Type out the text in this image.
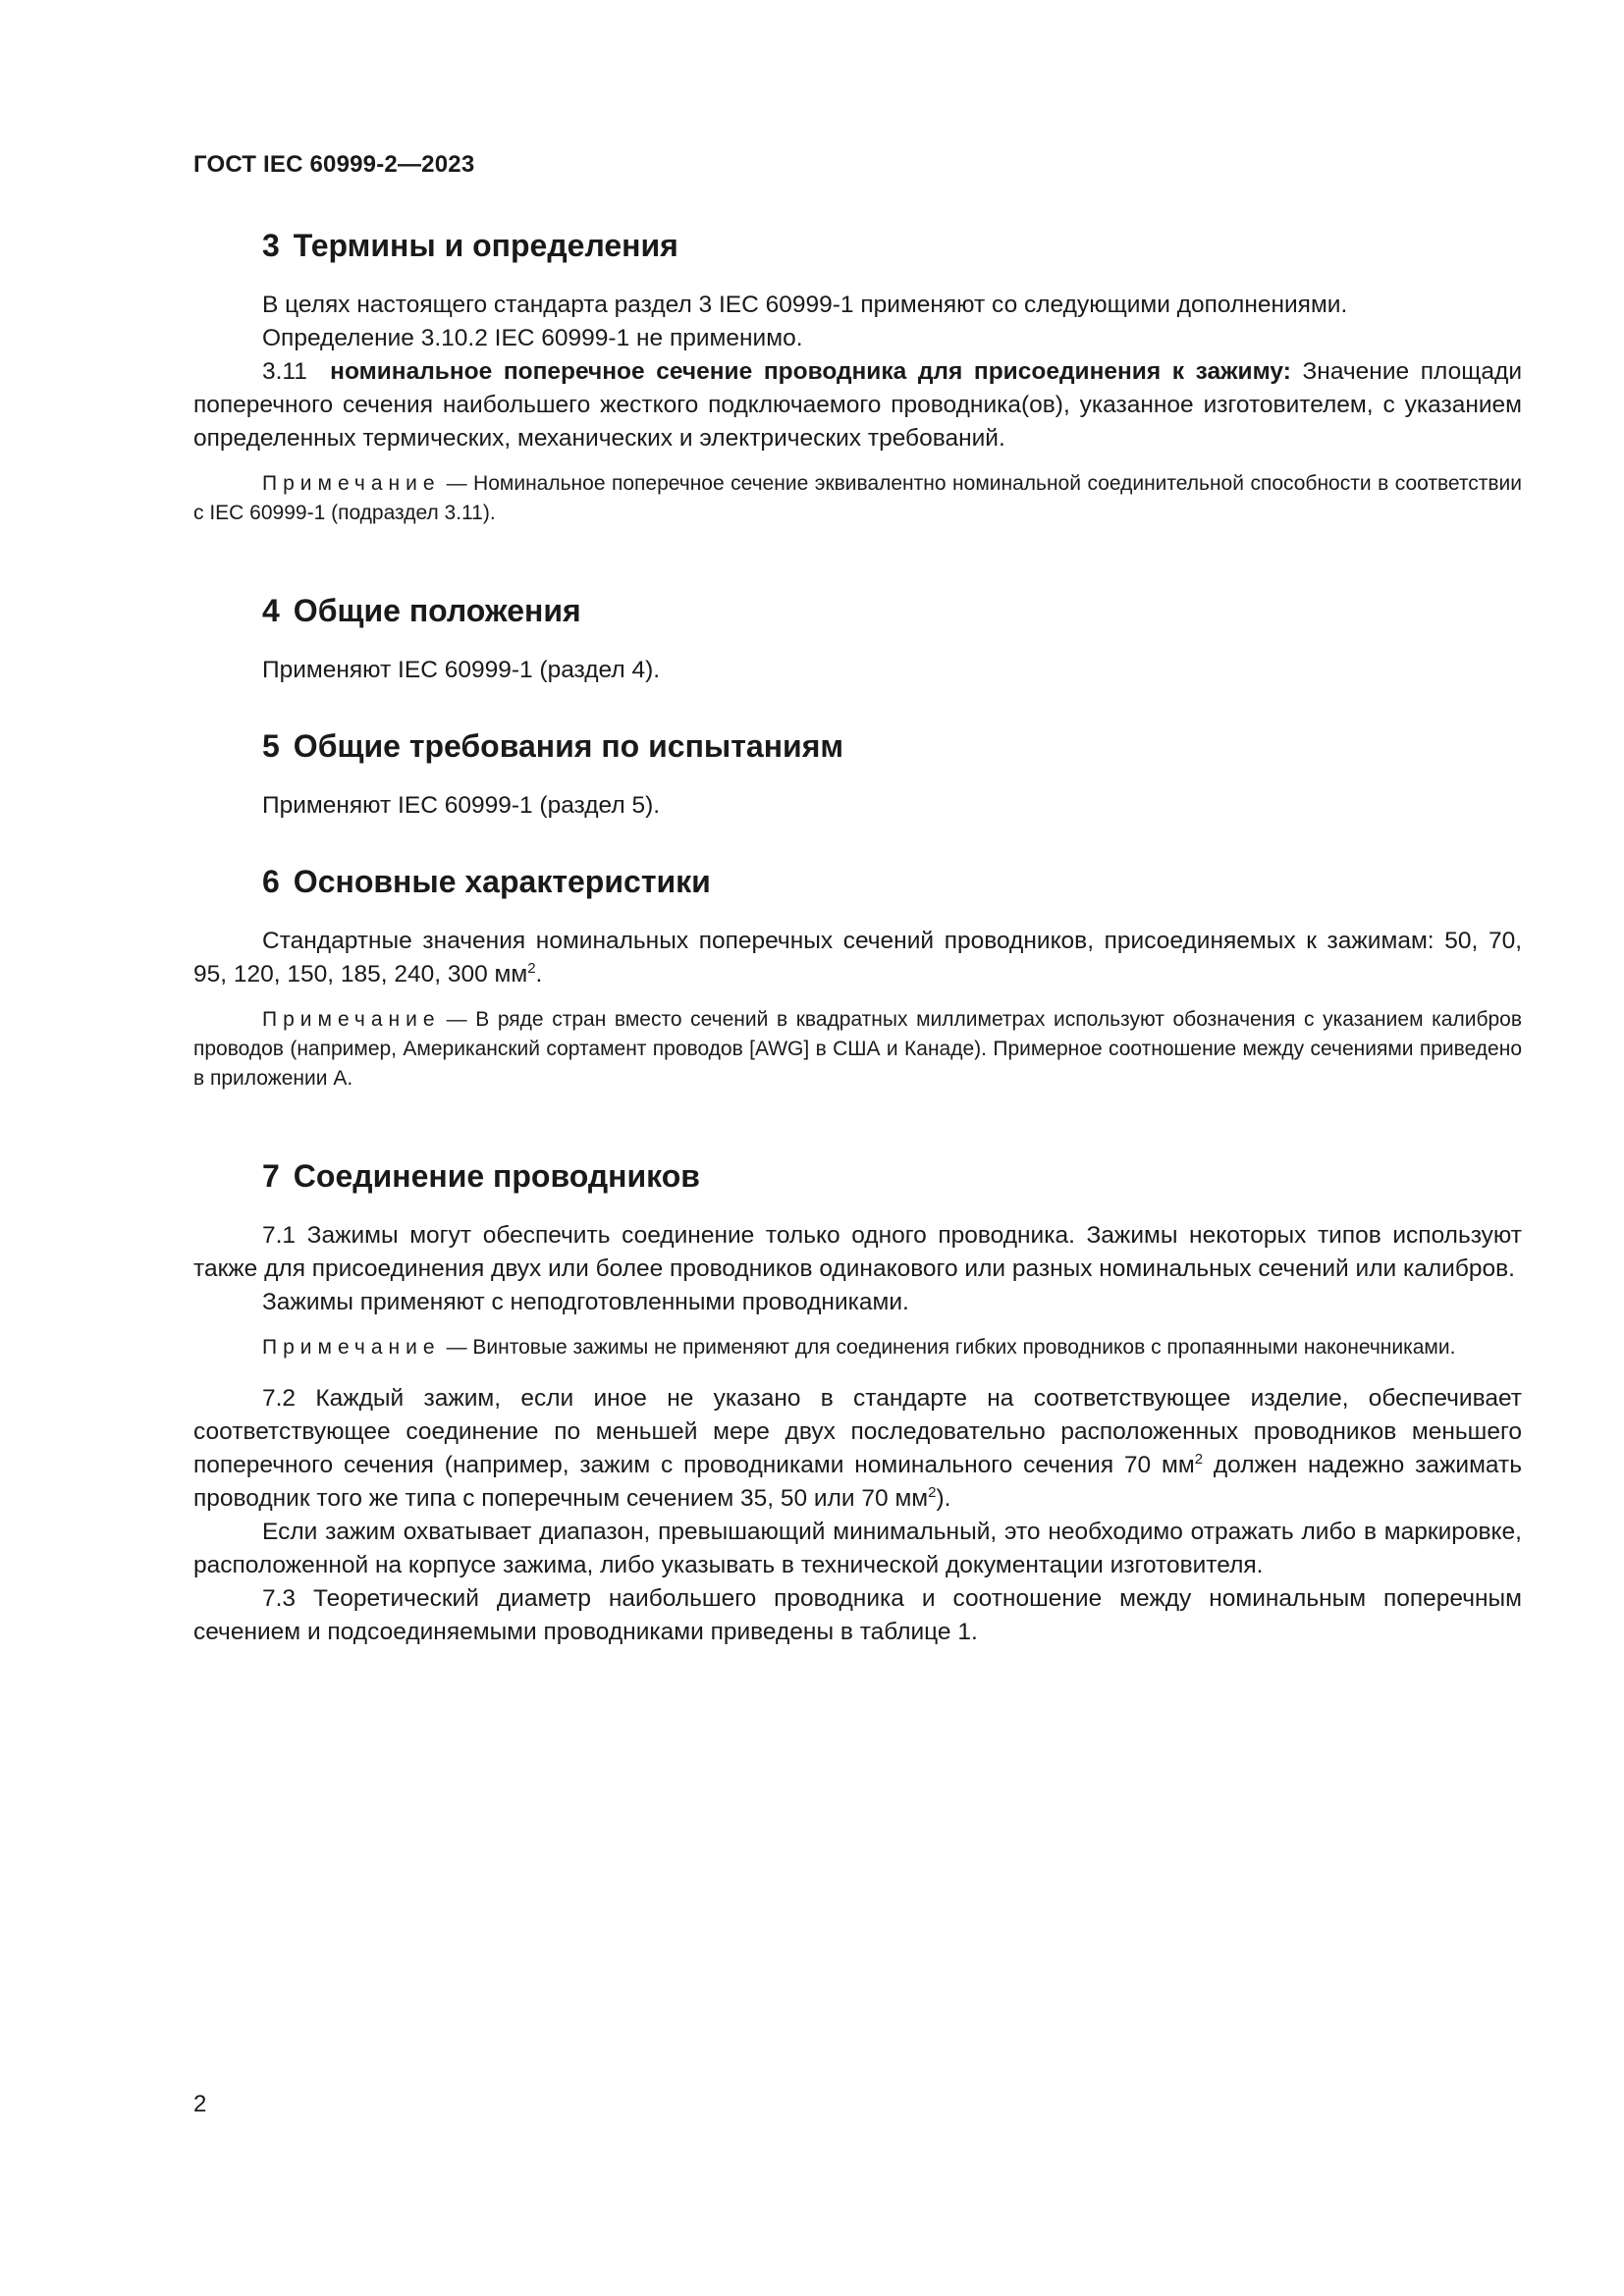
ГОСТ IEC 60999-2—2023
3 Термины и определения

В целях настоящего стандарта раздел 3 IEC 60999-1 применяют со следующими дополнениями.

Определение 3.10.2 IEC 60999-1 не применимо.

3.11 номинальное поперечное сечение проводника для присоединения к зажиму: Значение площади поперечного сечения наибольшего жесткого подключаемого проводника(ов), указанное изготовителем, с указанием определенных термических, механических и электрических требований.

Примечание — Номинальное поперечное сечение эквивалентно номинальной соединительной способности в соответствии с IEC 60999-1 (подраздел 3.11).
4 Общие положения

Применяют IEC 60999-1 (раздел 4).

5 Общие требования по испытаниям

Применяют IEC 60999-1 (раздел 5).

6 Основные характеристики

Стандартные значения номинальных поперечных сечений проводников, присоединяемых к зажимам: 50, 70, 95, 120, 150, 185, 240, 300 $мм^2$.

Примечание — В ряде стран вместо сечений в квадратных миллиметрах используют обозначения с указанием калибров проводов (например, Американский сортамент проводов [AWG] в США и Канаде). Примерное соотношение между сечениями приведено в приложении А.
7 Соединение проводников

7.1 Зажимы могут обеспечить соединение только одного проводника. Зажимы некоторых типов используют также для присоединения двух или более проводников одинакового или разных номинальных сечений или калибров.

Зажимы применяют с неподготовленными проводниками.

Примечание — Винтовые зажимы не применяют для соединения гибких проводников с пропаянными наконечниками.

7.2 Каждый зажим, если иное не указано в стандарте на соответствующее изделие, обеспечивает соответствующее соединение по меньшей мере двух последовательно расположенных проводников меньшего поперечного сечения (например, зажим с проводниками номинального сечения 70 $мм^2$ должен надежно зажимать проводник того же типа с поперечным сечением 35, 50 или 70 $мм^2$).

Если зажим охватывает диапазон, превышающий минимальный, это необходимо отражать либо в маркировке, расположенной на корпусе зажима, либо указывать в технической документации изготовителя.

7.3 Теоретический диаметр наибольшего проводника и соотношение между номинальным поперечным сечением и подсоединяемыми проводниками приведены в таблице 1.

2
